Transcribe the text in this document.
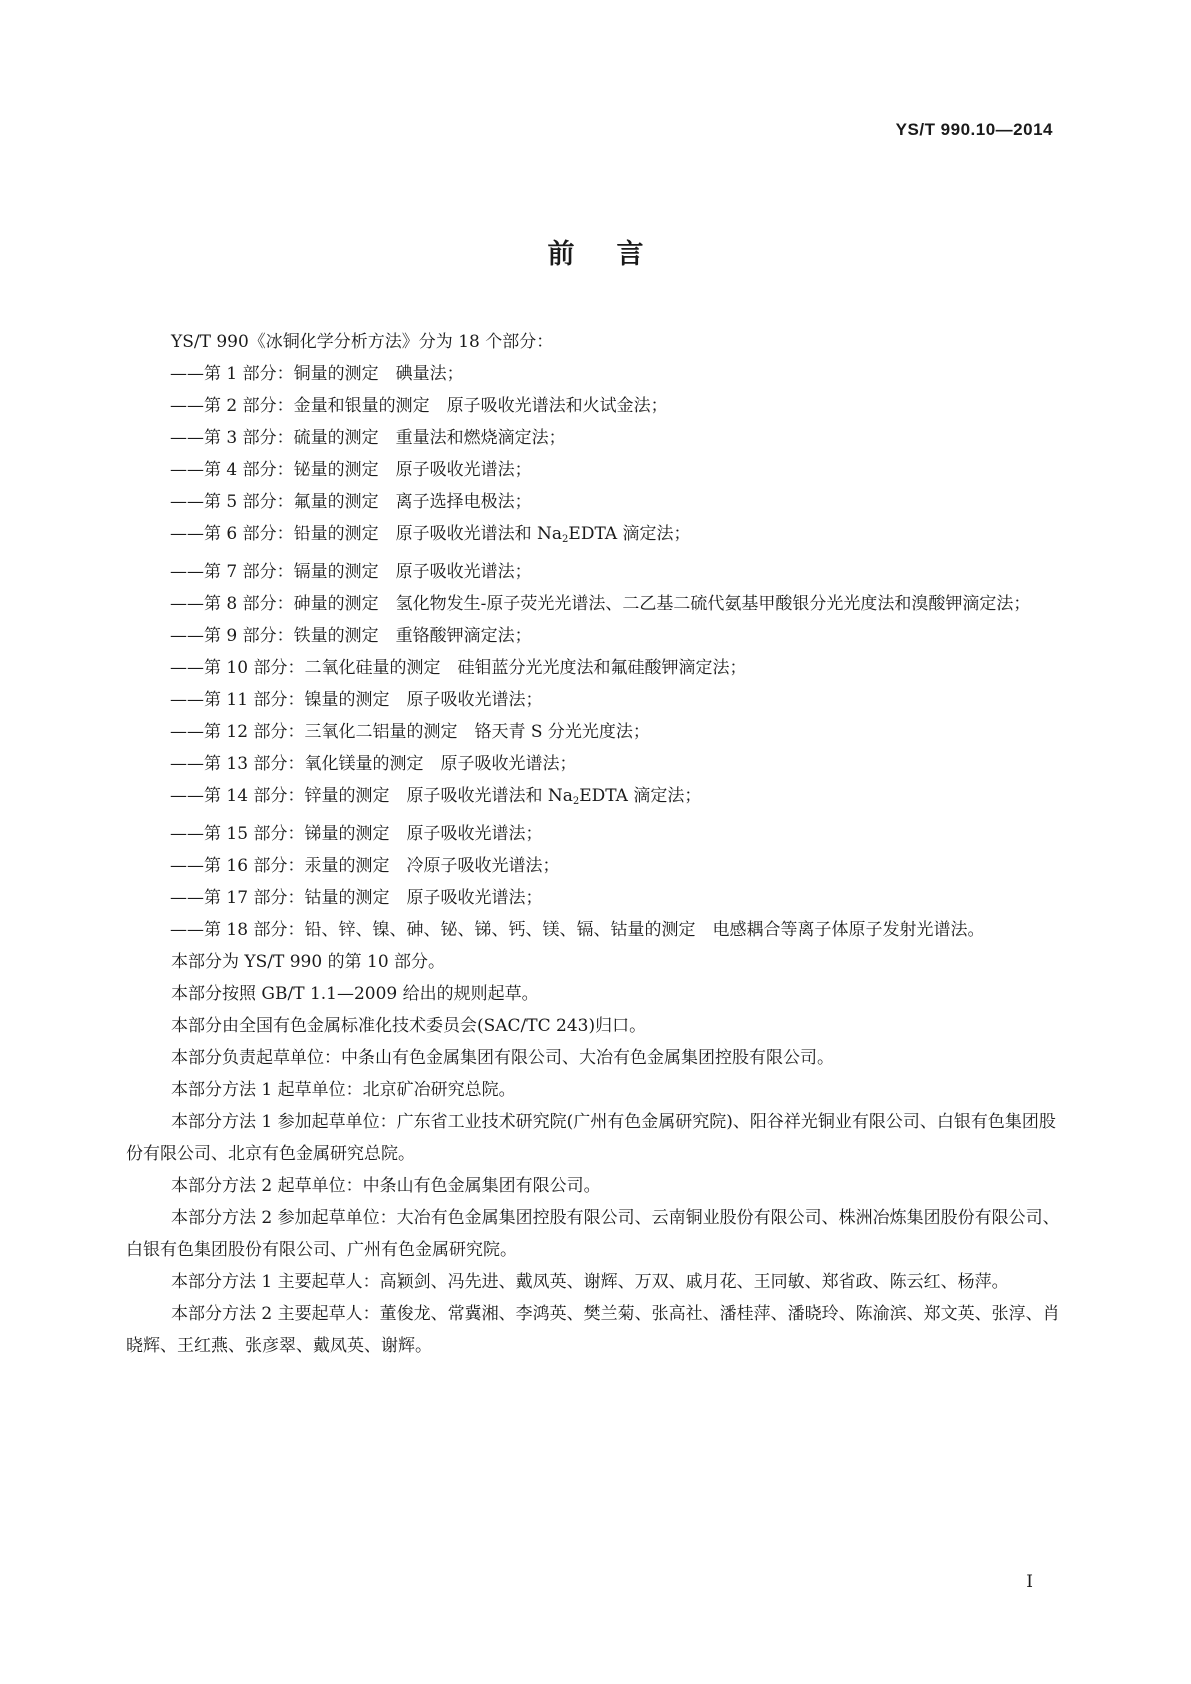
YS/T 990.10—2014
前言

YS/T 990《冰铜化学分析方法》分为 18 个部分：

——第 1 部分：铜量的测定　碘量法；

——第 2 部分：金量和银量的测定　原子吸收光谱法和火试金法；

——第 3 部分：硫量的测定　重量法和燃烧滴定法；

——第 4 部分：铋量的测定　原子吸收光谱法；

——第 5 部分：氟量的测定　离子选择电极法；

——第 6 部分：铅量的测定　原子吸收光谱法和 $Na_2EDTA$ 滴定法；

——第 7 部分：镉量的测定　原子吸收光谱法；

——第 8 部分：砷量的测定　氢化物发生-原子荧光光谱法、二乙基二硫代氨基甲酸银分光光度法和溴酸钾滴定法；

——第 9 部分：铁量的测定　重铬酸钾滴定法；

——第 10 部分：二氧化硅量的测定　硅钼蓝分光光度法和氟硅酸钾滴定法；

——第 11 部分：镍量的测定　原子吸收光谱法；

——第 12 部分：三氧化二铝量的测定　铬天青 S 分光光度法；

——第 13 部分：氧化镁量的测定　原子吸收光谱法；

——第 14 部分：锌量的测定　原子吸收光谱法和 $Na_2EDTA$ 滴定法；

——第 15 部分：锑量的测定　原子吸收光谱法；

——第 16 部分：汞量的测定　冷原子吸收光谱法；

——第 17 部分：钴量的测定　原子吸收光谱法；

——第 18 部分：铅、锌、镍、砷、铋、锑、钙、镁、镉、钴量的测定　电感耦合等离子体原子发射光谱法。

本部分为 YS/T 990 的第 10 部分。

本部分按照 GB/T 1.1—2009 给出的规则起草。

本部分由全国有色金属标准化技术委员会(SAC/TC 243)归口。

本部分负责起草单位：中条山有色金属集团有限公司、大冶有色金属集团控股有限公司。

本部分方法 1 起草单位：北京矿冶研究总院。

本部分方法 1 参加起草单位：广东省工业技术研究院(广州有色金属研究院)、阳谷祥光铜业有限公司、白银有色集团股份有限公司、北京有色金属研究总院。

本部分方法 2 起草单位：中条山有色金属集团有限公司。

本部分方法 2 参加起草单位：大冶有色金属集团控股有限公司、云南铜业股份有限公司、株洲冶炼集团股份有限公司、白银有色集团股份有限公司、广州有色金属研究院。

本部分方法 1 主要起草人：高颖剑、冯先进、戴凤英、谢辉、万双、戚月花、王同敏、郑省政、陈云红、杨萍。

本部分方法 2 主要起草人：董俊龙、常冀湘、李鸿英、樊兰菊、张高社、潘桂萍、潘晓玲、陈渝滨、郑文英、张淳、肖晓辉、王红燕、张彦翠、戴凤英、谢辉。

I
